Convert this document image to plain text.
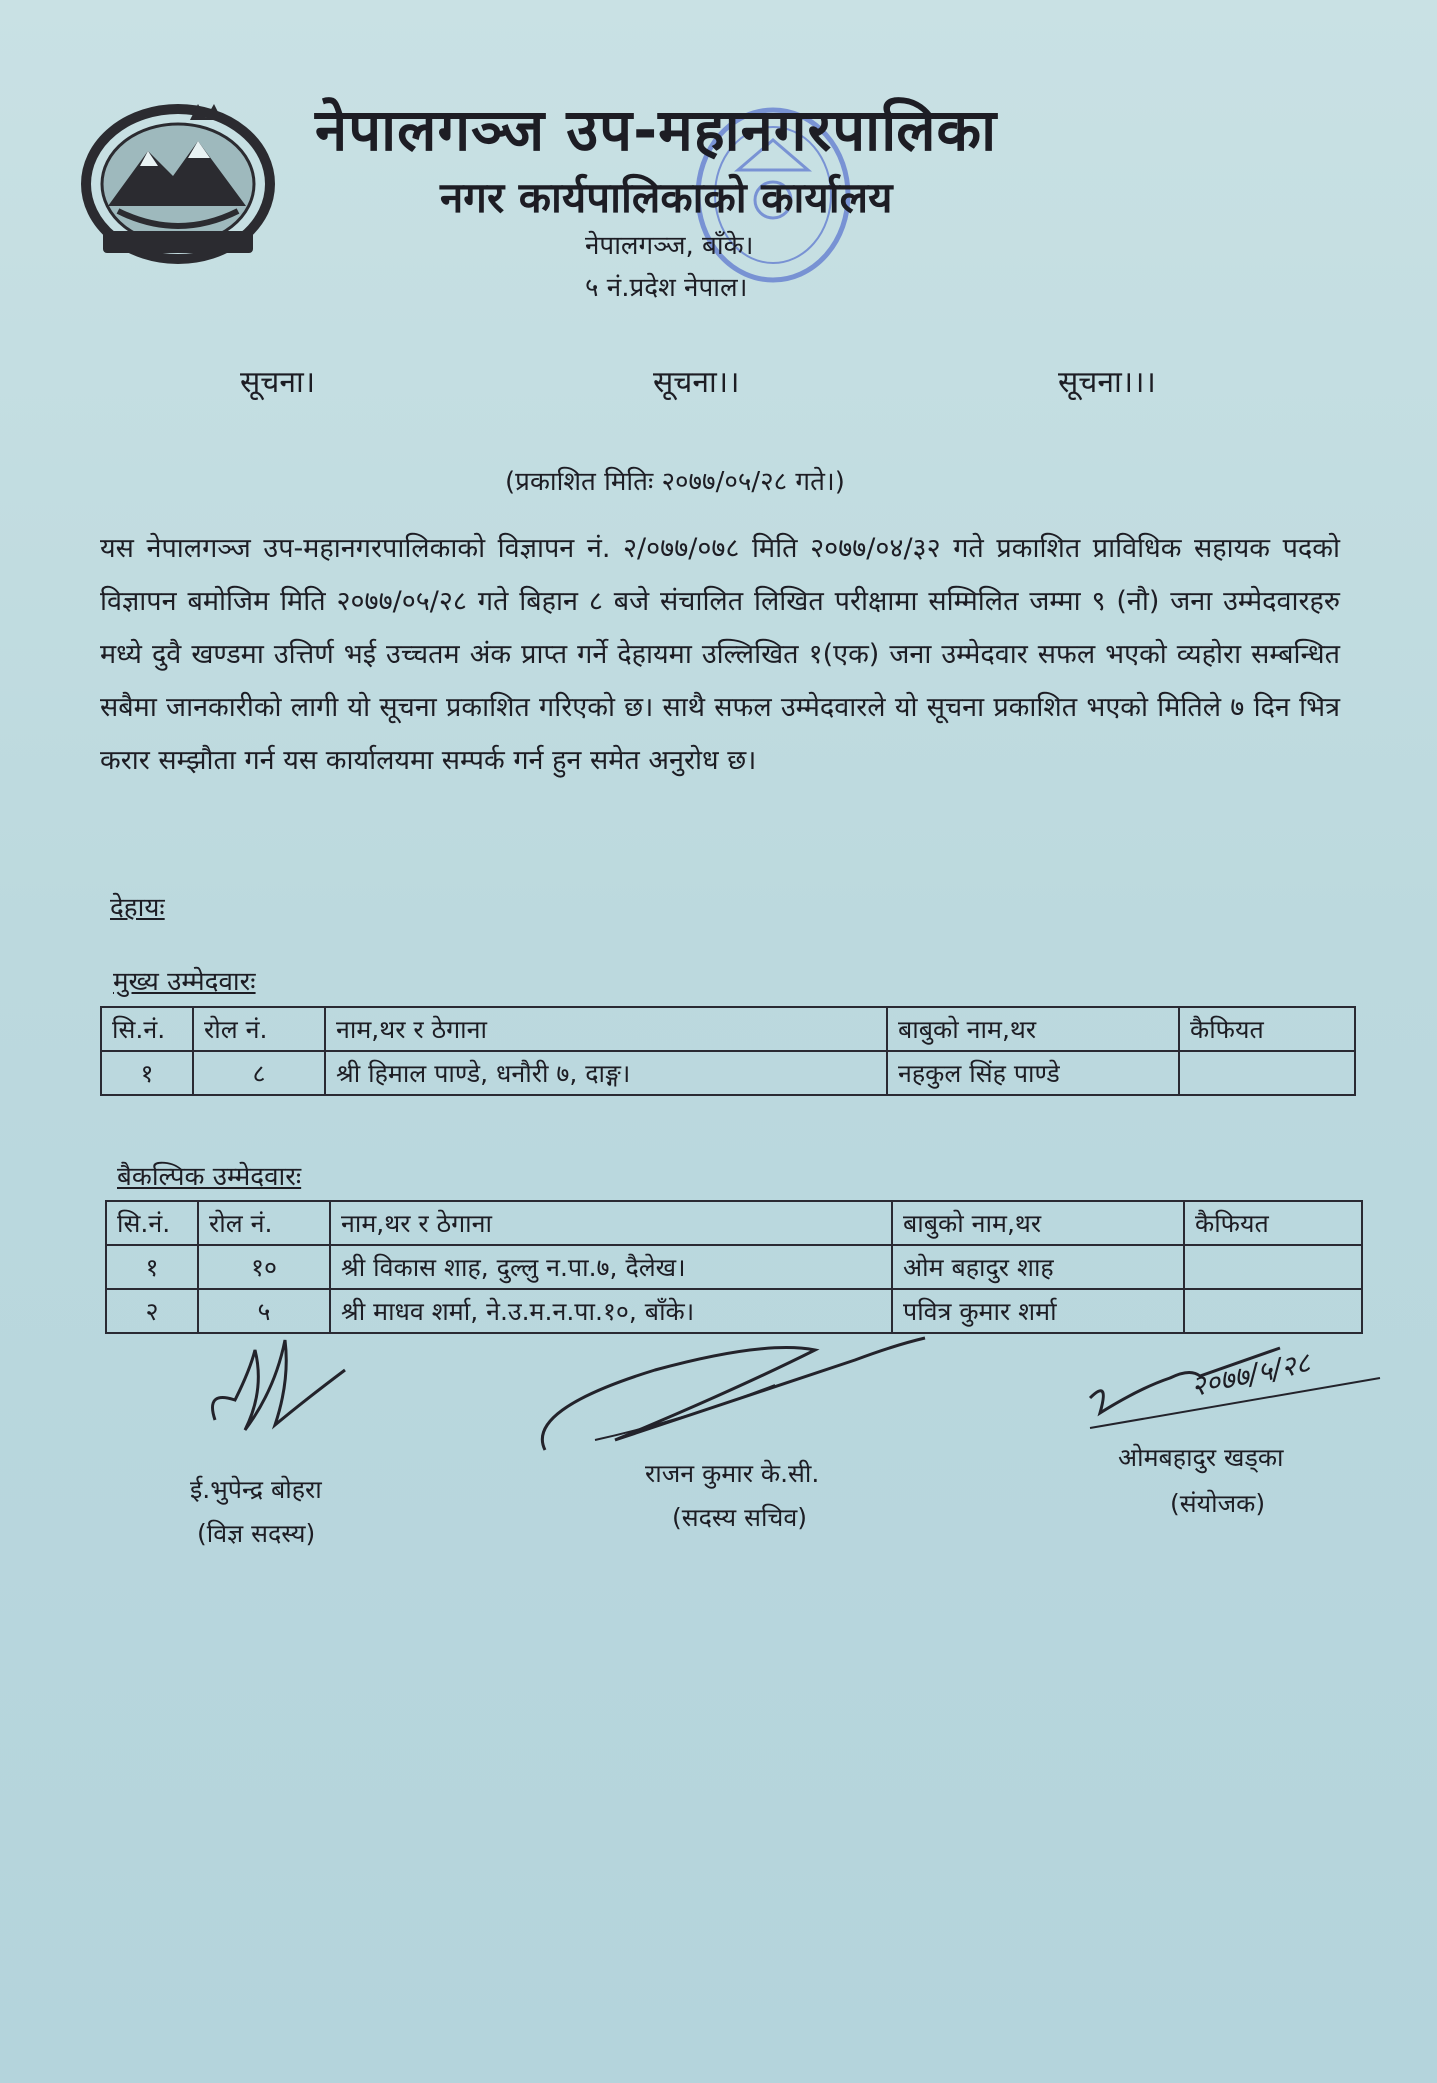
नेपालगञ्ज उप-महानगरपालिका
नगर कार्यपालिकाको कार्यालय
नेपालगञ्ज, बाँके।
५ नं.प्रदेश नेपाल।
सूचना।	सूचना।।	सूचना।।।
(प्रकाशित मितिः २०७७/०५/२८ गते।)
यस नेपालगञ्ज उप-महानगरपालिकाको विज्ञापन नं. २/०७७/०७८ मिति २०७७/०४/३२ गते प्रकाशित प्राविधिक सहायक पदको विज्ञापन बमोजिम मिति २०७७/०५/२८ गते बिहान ८ बजे संचालित लिखित परीक्षामा सम्मिलित जम्मा ९ (नौ) जना उम्मेदवारहरु मध्ये दुवै खण्डमा उत्तिर्ण भई उच्चतम अंक प्राप्त गर्ने देहायमा उल्लिखित १(एक) जना उम्मेदवार सफल भएको व्यहोरा सम्बन्धित सबैमा जानकारीको लागी यो सूचना प्रकाशित गरिएको छ। साथै सफल उम्मेदवारले यो सूचना प्रकाशित भएको मितिले ७ दिन भित्र करार सम्झौता गर्न यस कार्यालयमा सम्पर्क गर्न हुन समेत अनुरोध छ।
देहायः
मुख्य उम्मेदवारः
सि.नं.	रोल नं.	नाम,थर र ठेगाना	बाबुको नाम,थर	कैफियत
१	८	श्री हिमाल पाण्डे, धनौरी ७, दाङ्ग।	नहकुल सिंह पाण्डे	
बैकल्पिक उम्मेदवारः
सि.नं.	रोल नं.	नाम,थर र ठेगाना	बाबुको नाम,थर	कैफियत
१	१०	श्री विकास शाह, दुल्लु न.पा.७, दैलेख।	ओम बहादुर शाह	
२	५	श्री माधव शर्मा, ने.उ.म.न.पा.१०, बाँके।	पवित्र कुमार शर्मा	
ई.भुपेन्द्र बोहरा
(विज्ञ सदस्य)
राजन कुमार के.सी.
(सदस्य सचिव)
२०७७/५/२८
ओमबहादुर खड्का
(संयोजक)
